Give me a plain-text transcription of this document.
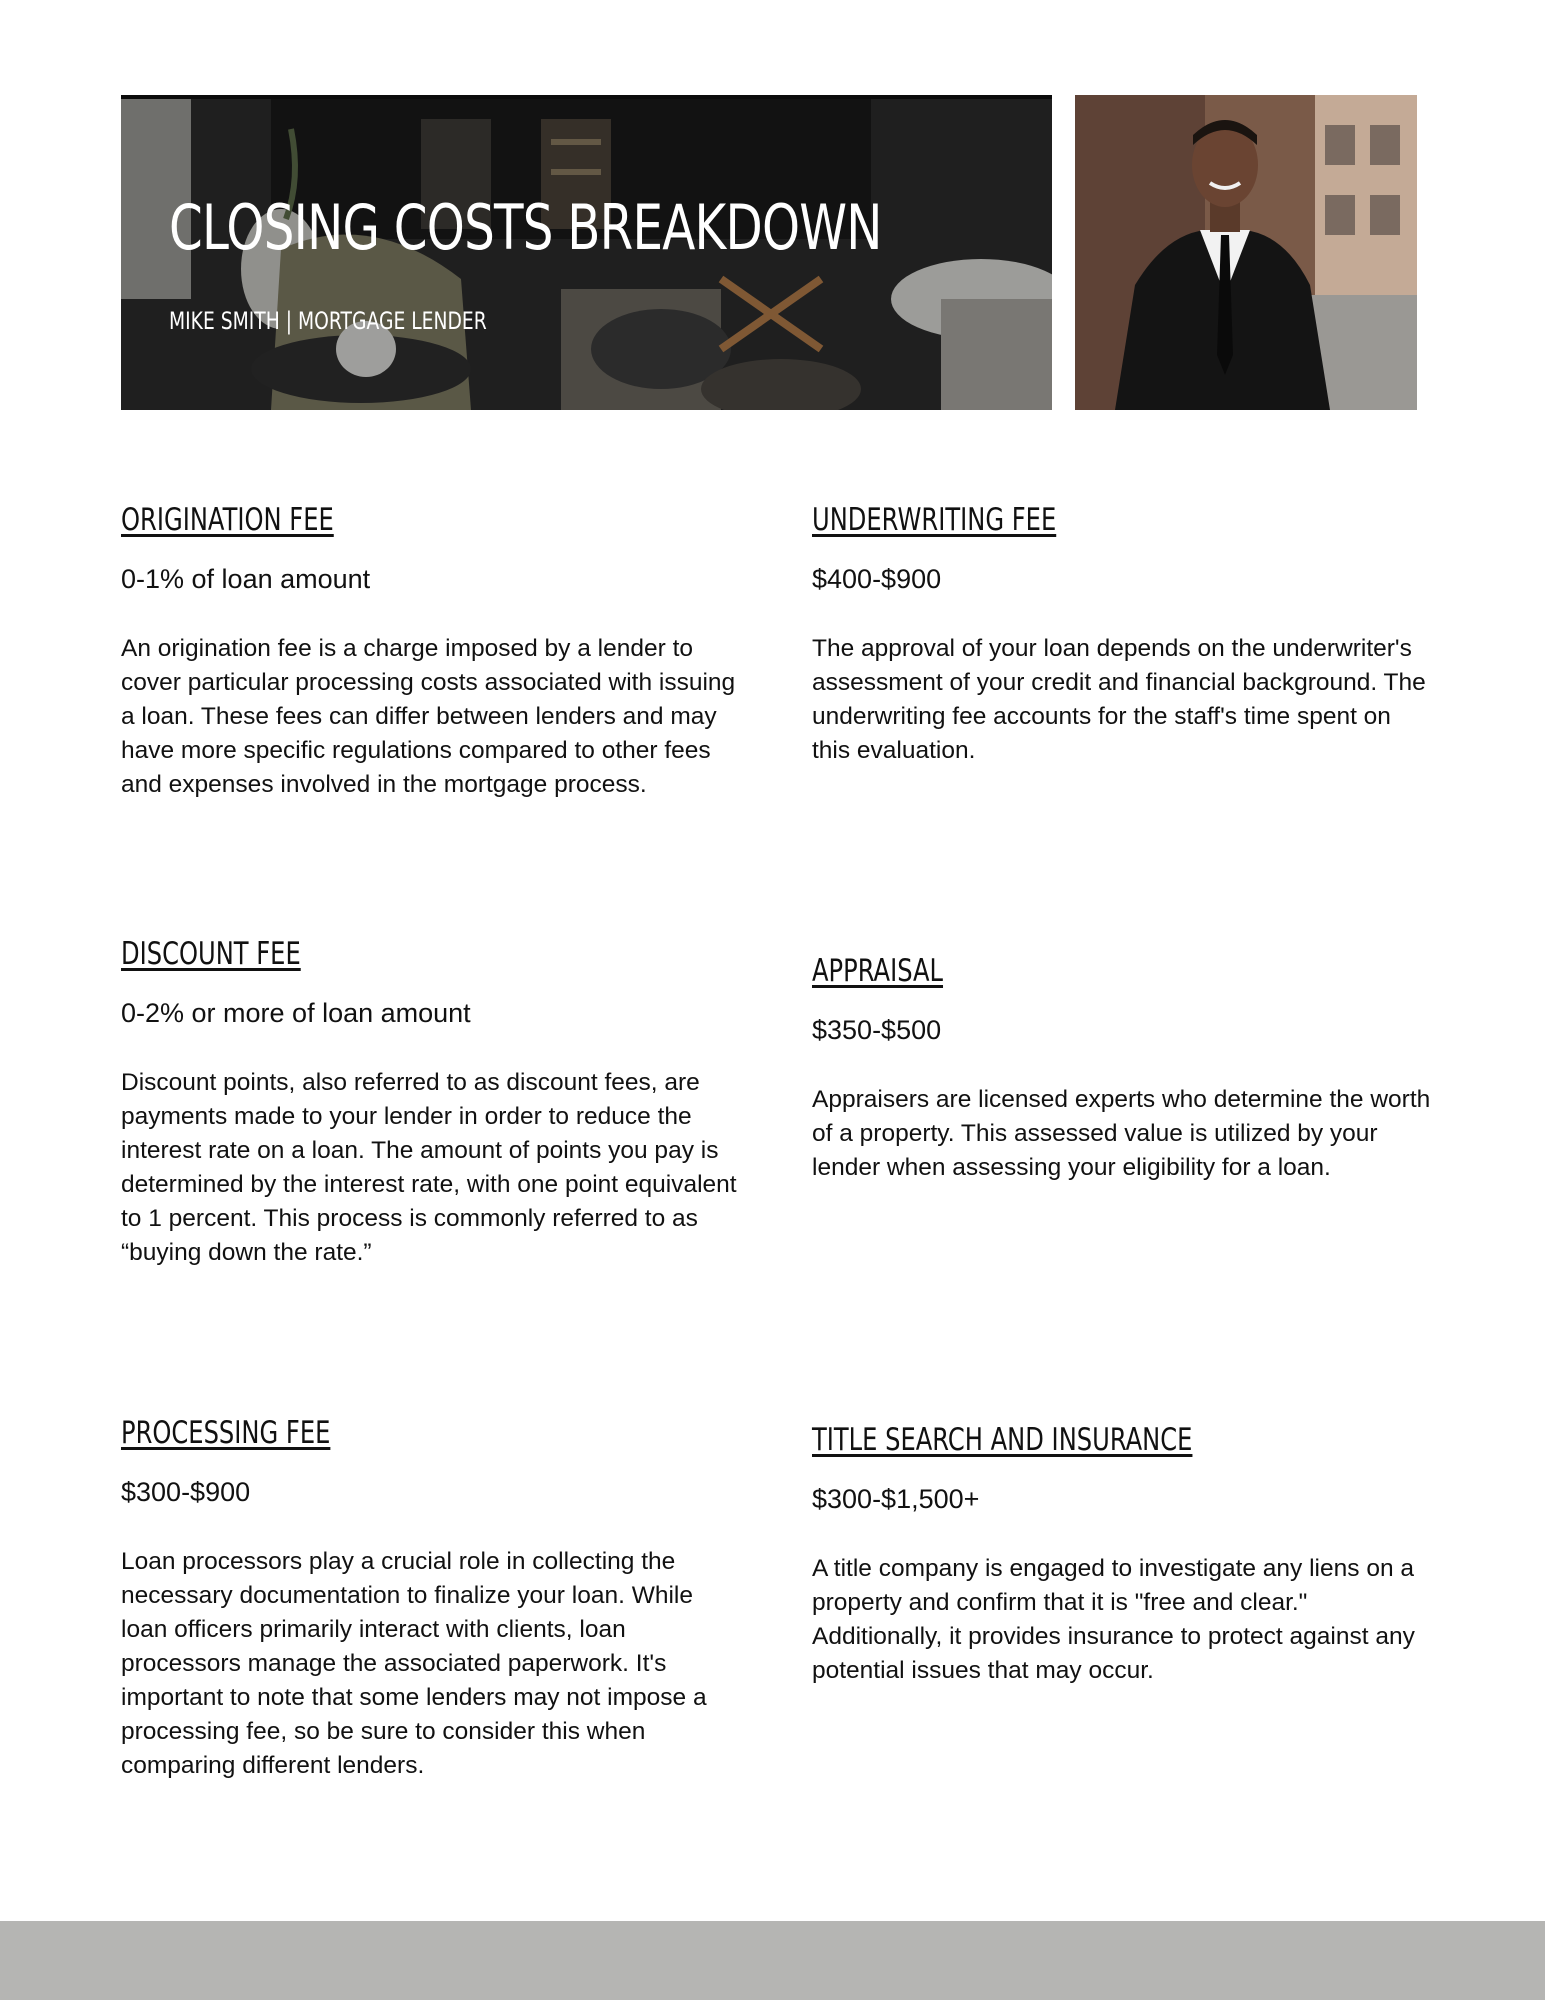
CLOSING COSTS BREAKDOWN

MIKE SMITH | MORTGAGE LENDER

ORIGINATION FEE

0-1% of loan amount

An origination fee is a charge imposed by a lender to cover particular processing costs associated with issuing a loan. These fees can differ between lenders and may have more specific regulations compared to other fees and expenses involved in the mortgage process.

UNDERWRITING FEE

$400-$900

The approval of your loan depends on the underwriter's assessment of your credit and financial background. The underwriting fee accounts for the staff's time spent on this evaluation.

DISCOUNT FEE

0-2% or more of loan amount

Discount points, also referred to as discount fees, are payments made to your lender in order to reduce the interest rate on a loan. The amount of points you pay is determined by the interest rate, with one point equivalent to 1 percent. This process is commonly referred to as “buying down the rate.”

APPRAISAL

$350-$500

Appraisers are licensed experts who determine the worth of a property. This assessed value is utilized by your lender when assessing your eligibility for a loan.

PROCESSING FEE

$300-$900

Loan processors play a crucial role in collecting the necessary documentation to finalize your loan. While loan officers primarily interact with clients, loan processors manage the associated paperwork. It's important to note that some lenders may not impose a processing fee, so be sure to consider this when comparing different lenders.

TITLE SEARCH AND INSURANCE

$300-$1,500+

A title company is engaged to investigate any liens on a property and confirm that it is "free and clear." Additionally, it provides insurance to protect against any potential issues that may occur.
